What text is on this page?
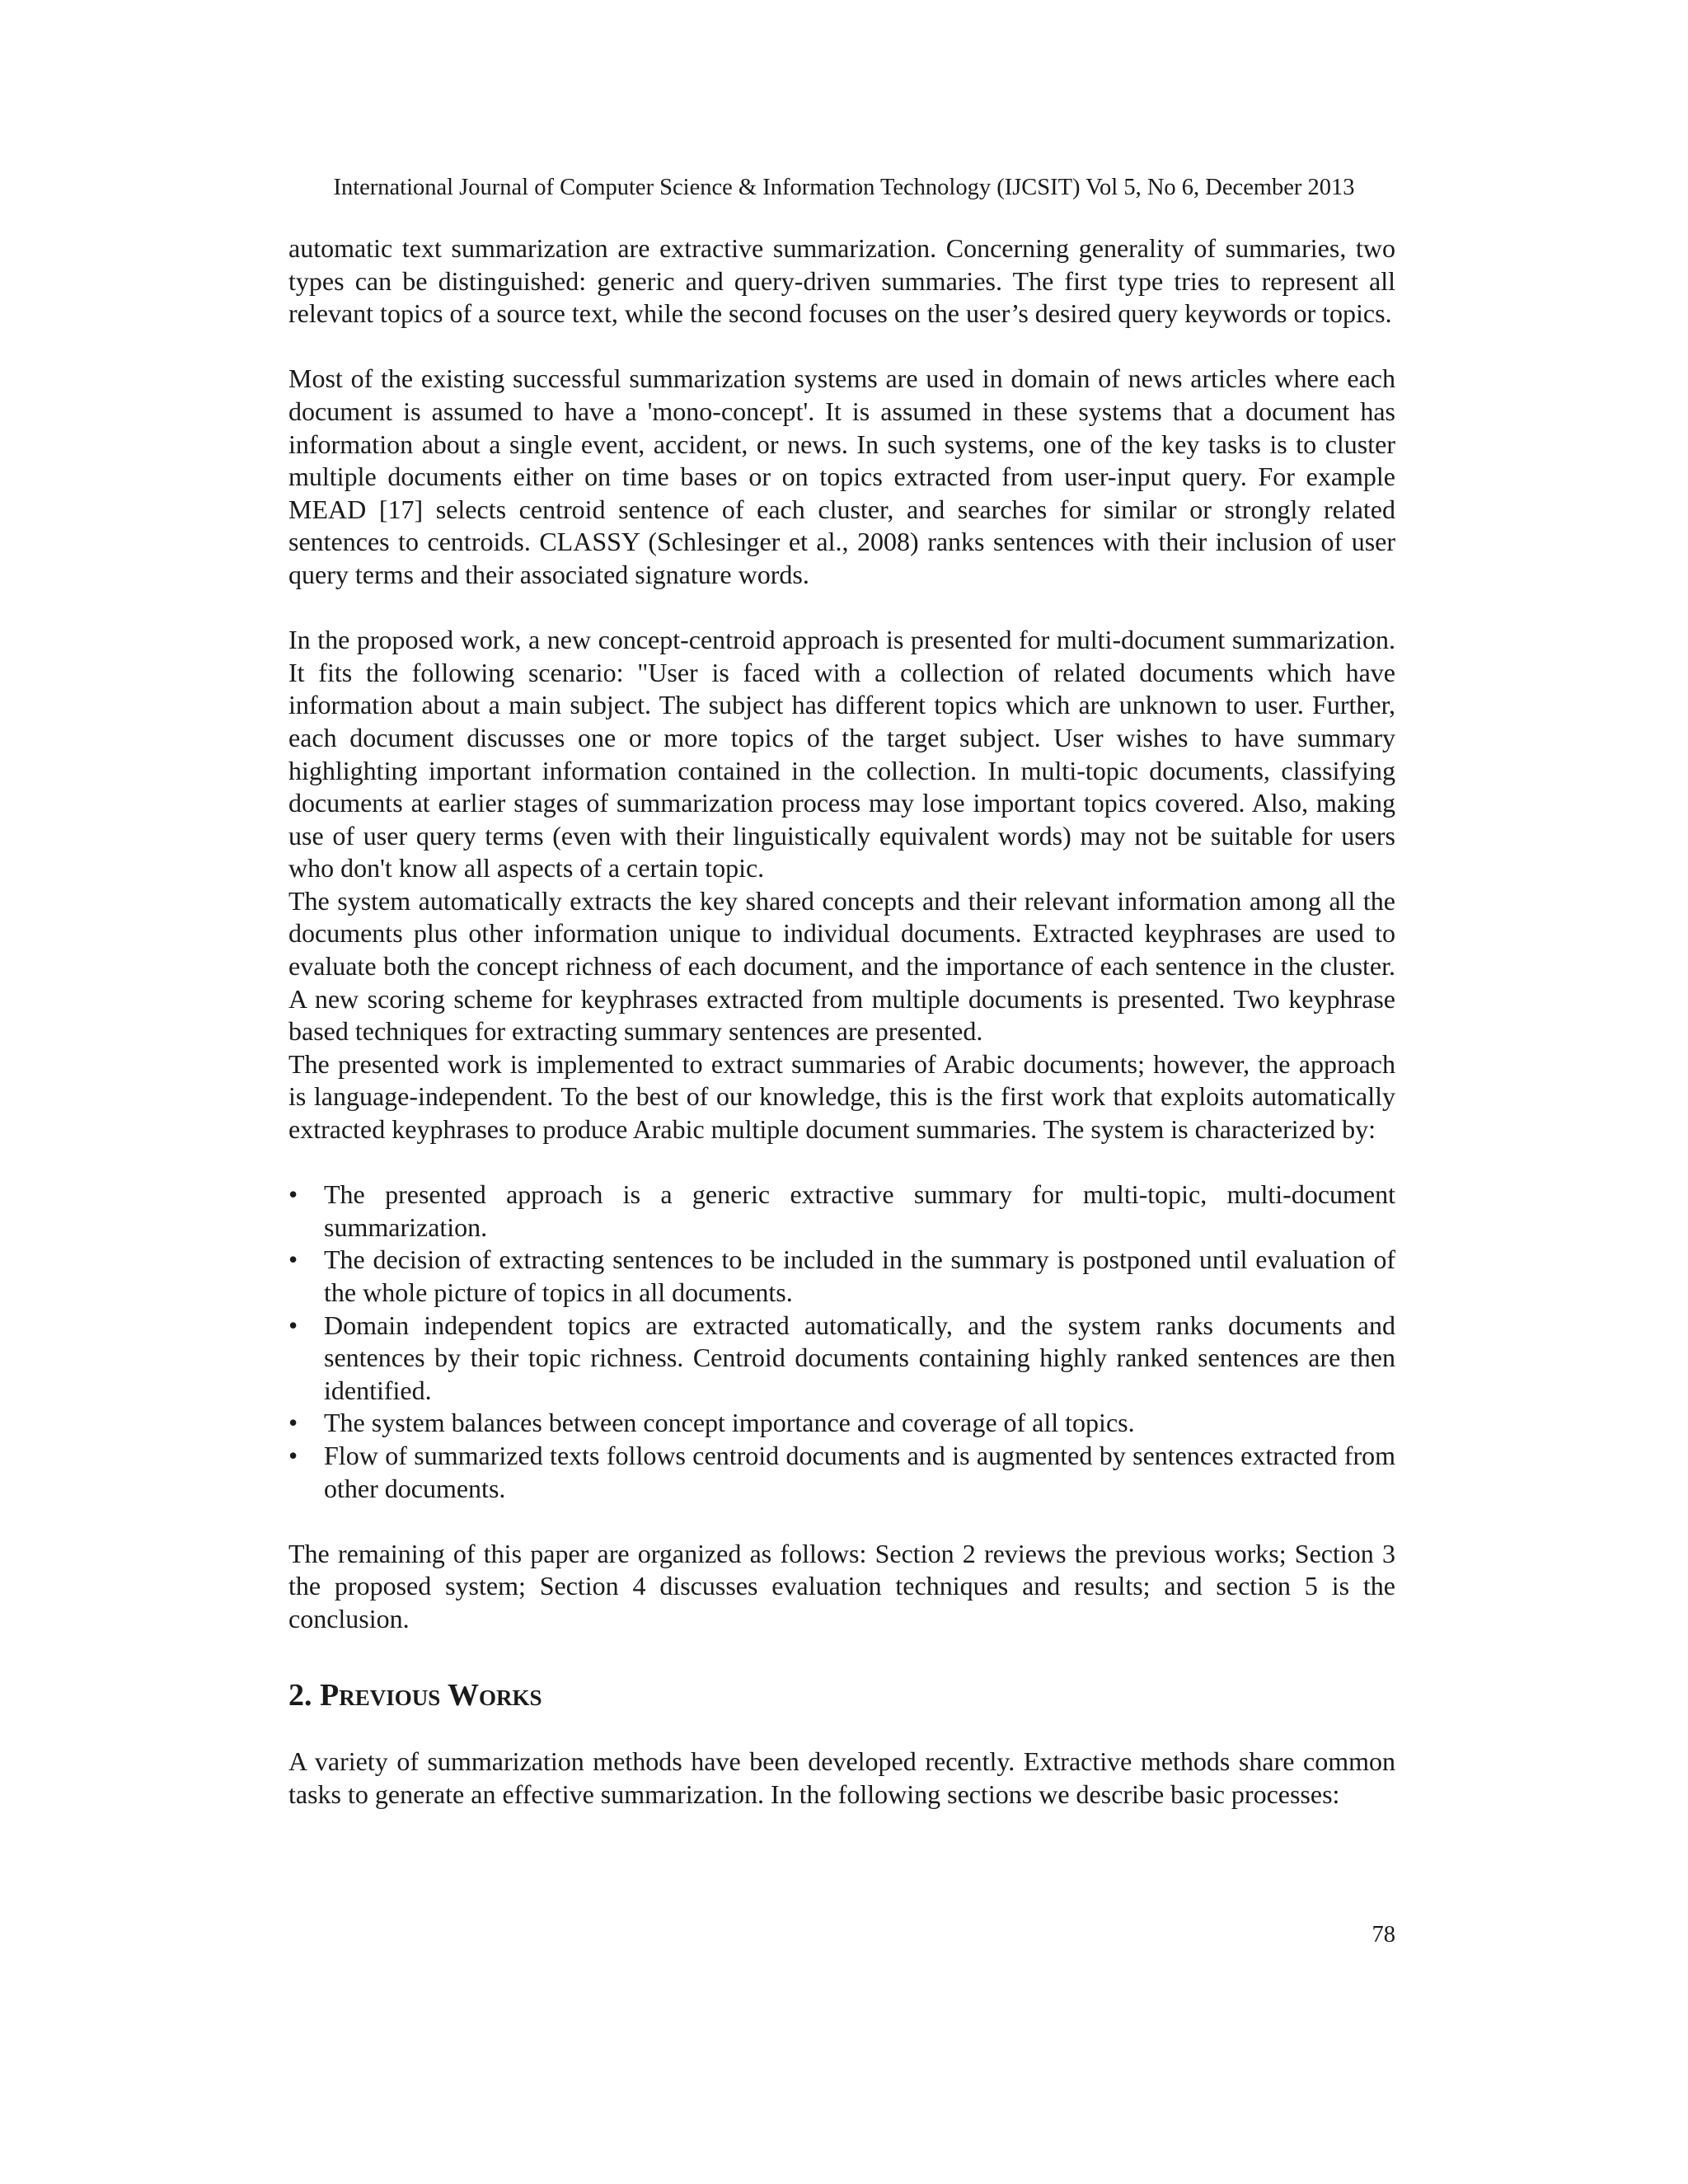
International Journal of Computer Science & Information Technology (IJCSIT) Vol 5, No 6, December 2013

automatic text summarization are extractive summarization. Concerning generality of summaries, two types can be distinguished: generic and query-driven summaries. The first type tries to represent all relevant topics of a source text, while the second focuses on the user’s desired query keywords or topics.

Most of the existing successful summarization systems are used in domain of news articles where each document is assumed to have a 'mono-concept'. It is assumed in these systems that a document has information about a single event, accident, or news. In such systems, one of the key tasks is to cluster multiple documents either on time bases or on topics extracted from user-input query. For example MEAD [17] selects centroid sentence of each cluster, and searches for similar or strongly related sentences to centroids. CLASSY (Schlesinger et al., 2008) ranks sentences with their inclusion of user query terms and their associated signature words.

In the proposed work, a new concept-centroid approach is presented for multi-document summarization. It fits the following scenario: "User is faced with a collection of related documents which have information about a main subject. The subject has different topics which are unknown to user. Further, each document discusses one or more topics of the target subject. User wishes to have summary highlighting important information contained in the collection. In multi-topic documents, classifying documents at earlier stages of summarization process may lose important topics covered. Also, making use of user query terms (even with their linguistically equivalent words) may not be suitable for users who don't know all aspects of a certain topic.

The system automatically extracts the key shared concepts and their relevant information among all the documents plus other information unique to individual documents. Extracted keyphrases are used to evaluate both the concept richness of each document, and the importance of each sentence in the cluster. A new scoring scheme for keyphrases extracted from multiple documents is presented. Two keyphrase based techniques for extracting summary sentences are presented.

The presented work is implemented to extract summaries of Arabic documents; however, the approach is language-independent. To the best of our knowledge, this is the first work that exploits automatically extracted keyphrases to produce Arabic multiple document summaries. The system is characterized by:

• The presented approach is a generic extractive summary for multi-topic, multi-document summarization.
• The decision of extracting sentences to be included in the summary is postponed until evaluation of the whole picture of topics in all documents.
• Domain independent topics are extracted automatically, and the system ranks documents and sentences by their topic richness. Centroid documents containing highly ranked sentences are then identified.
• The system balances between concept importance and coverage of all topics.
• Flow of summarized texts follows centroid documents and is augmented by sentences extracted from other documents.

The remaining of this paper are organized as follows: Section 2 reviews the previous works; Section 3 the proposed system; Section 4 discusses evaluation techniques and results; and section 5 is the conclusion.

2. Previous Works

A variety of summarization methods have been developed recently. Extractive methods share common tasks to generate an effective summarization. In the following sections we describe basic processes:

78
